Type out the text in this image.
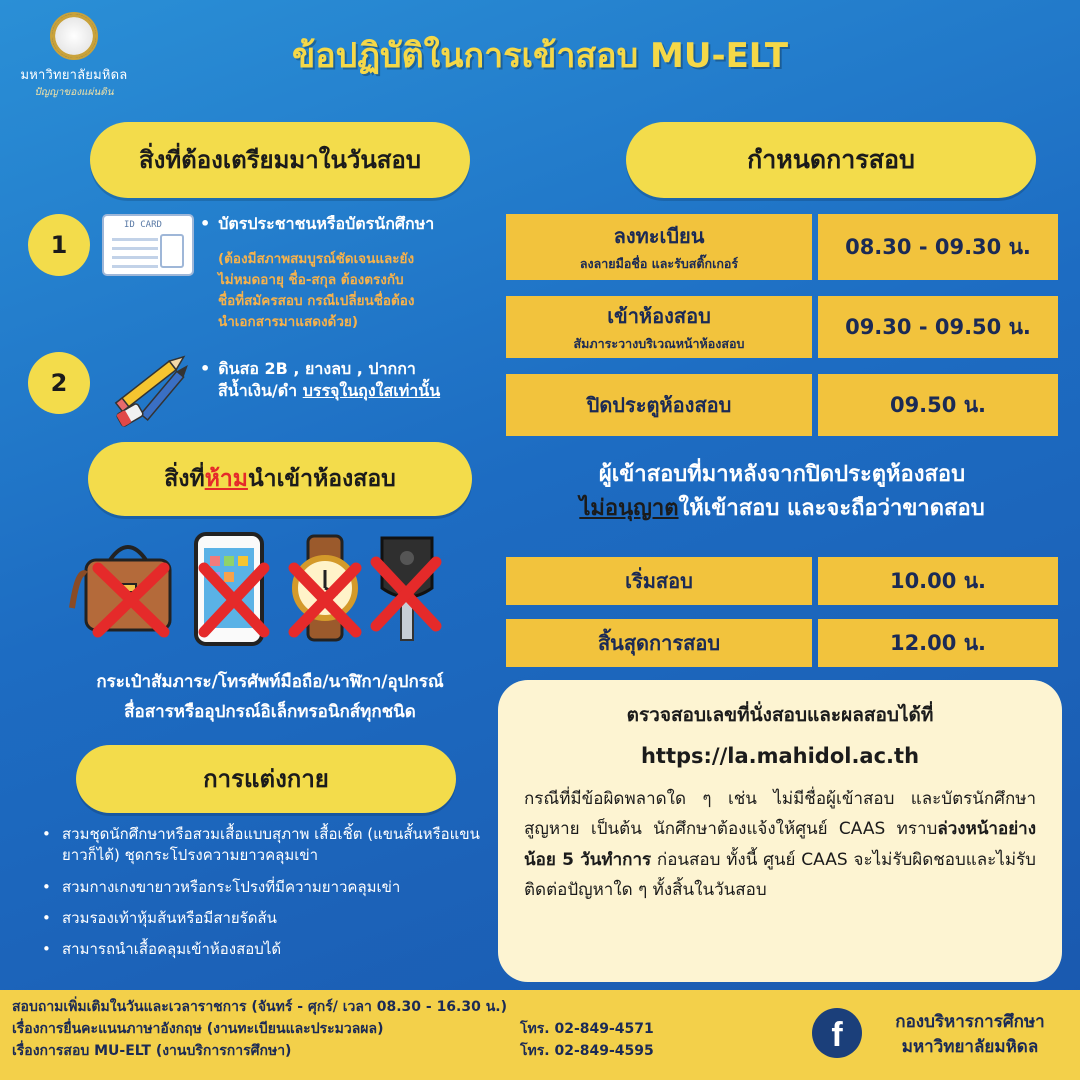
มหาวิทยาลัยมหิดล
ปัญญาของแผ่นดิน
ข้อปฏิบัติในการเข้าสอบ MU-ELT
สิ่งที่ต้องเตรียมมาในวันสอบ
1
ID CARD
•	บัตรประชาชนหรือบัตรนักศึกษา
(ต้องมีสภาพสมบูรณ์ชัดเจนและยัง
ไม่หมดอายุ ชื่อ-สกุล ต้องตรงกับ
ชื่อที่สมัครสอบ กรณีเปลี่ยนชื่อต้อง
นำเอกสารมาแสดงด้วย)
2
• ดินสอ 2B , ยางลบ , ปากกา
สีน้ำเงิน/ดำ บรรจุในถุงใสเท่านั้น
สิ่งที่ห้ามนำเข้าห้องสอบ
กระเป๋าสัมภาระ/โทรศัพท์มือถือ/นาฬิกา/อุปกรณ์
สื่อสารหรืออุปกรณ์อิเล็กทรอนิกส์ทุกชนิด
การแต่งกาย
• สวมชุดนักศึกษาหรือสวมเสื้อแบบสุภาพ เสื้อเชิ้ต (แขนสั้นหรือแขนยาวก็ได้) ชุดกระโปรงความยาวคลุมเข่า
• สวมกางเกงขายาวหรือกระโปรงที่มีความยาวคลุมเข่า
• สวมรองเท้าหุ้มส้นหรือมีสายรัดส้น
• สามารถนำเสื้อคลุมเข้าห้องสอบได้
กำหนดการสอบ
ลงทะเบียน
ลงลายมือชื่อ และรับสติ๊กเกอร์
08.30 - 09.30 น.
เข้าห้องสอบ
สัมภาระวางบริเวณหน้าห้องสอบ
09.30 - 09.50 น.
ปิดประตูห้องสอบ	09.50 น.
ผู้เข้าสอบที่มาหลังจากปิดประตูห้องสอบ
ไม่อนุญาตให้เข้าสอบ และจะถือว่าขาดสอบ
เริ่มสอบ	10.00 น.
สิ้นสุดการสอบ	12.00 น.
ตรวจสอบเลขที่นั่งสอบและผลสอบได้ที่
https://la.mahidol.ac.th
กรณีที่มีข้อผิดพลาดใด ๆ เช่น ไม่มีชื่อผู้เข้าสอบ และบัตรนักศึกษาสูญหาย เป็นต้น นักศึกษาต้องแจ้งให้ศูนย์ CAAS ทราบล่วงหน้าอย่างน้อย 5 วันทำการ ก่อนสอบ ทั้งนี้ ศูนย์ CAAS จะไม่รับผิดชอบและไม่รับติดต่อปัญหาใด ๆ ทั้งสิ้นในวันสอบ
สอบถามเพิ่มเติมในวันและเวลาราชการ (จันทร์ - ศุกร์/ เวลา 08.30 - 16.30 น.)
เรื่องการยื่นคะแนนภาษาอังกฤษ (งานทะเบียนและประมวลผล)	โทร. 02-849-4571
เรื่องการสอบ MU-ELT (งานบริการการศึกษา)	โทร. 02-849-4595	f	กองบริหารการศึกษา
มหาวิทยาลัยมหิดล
